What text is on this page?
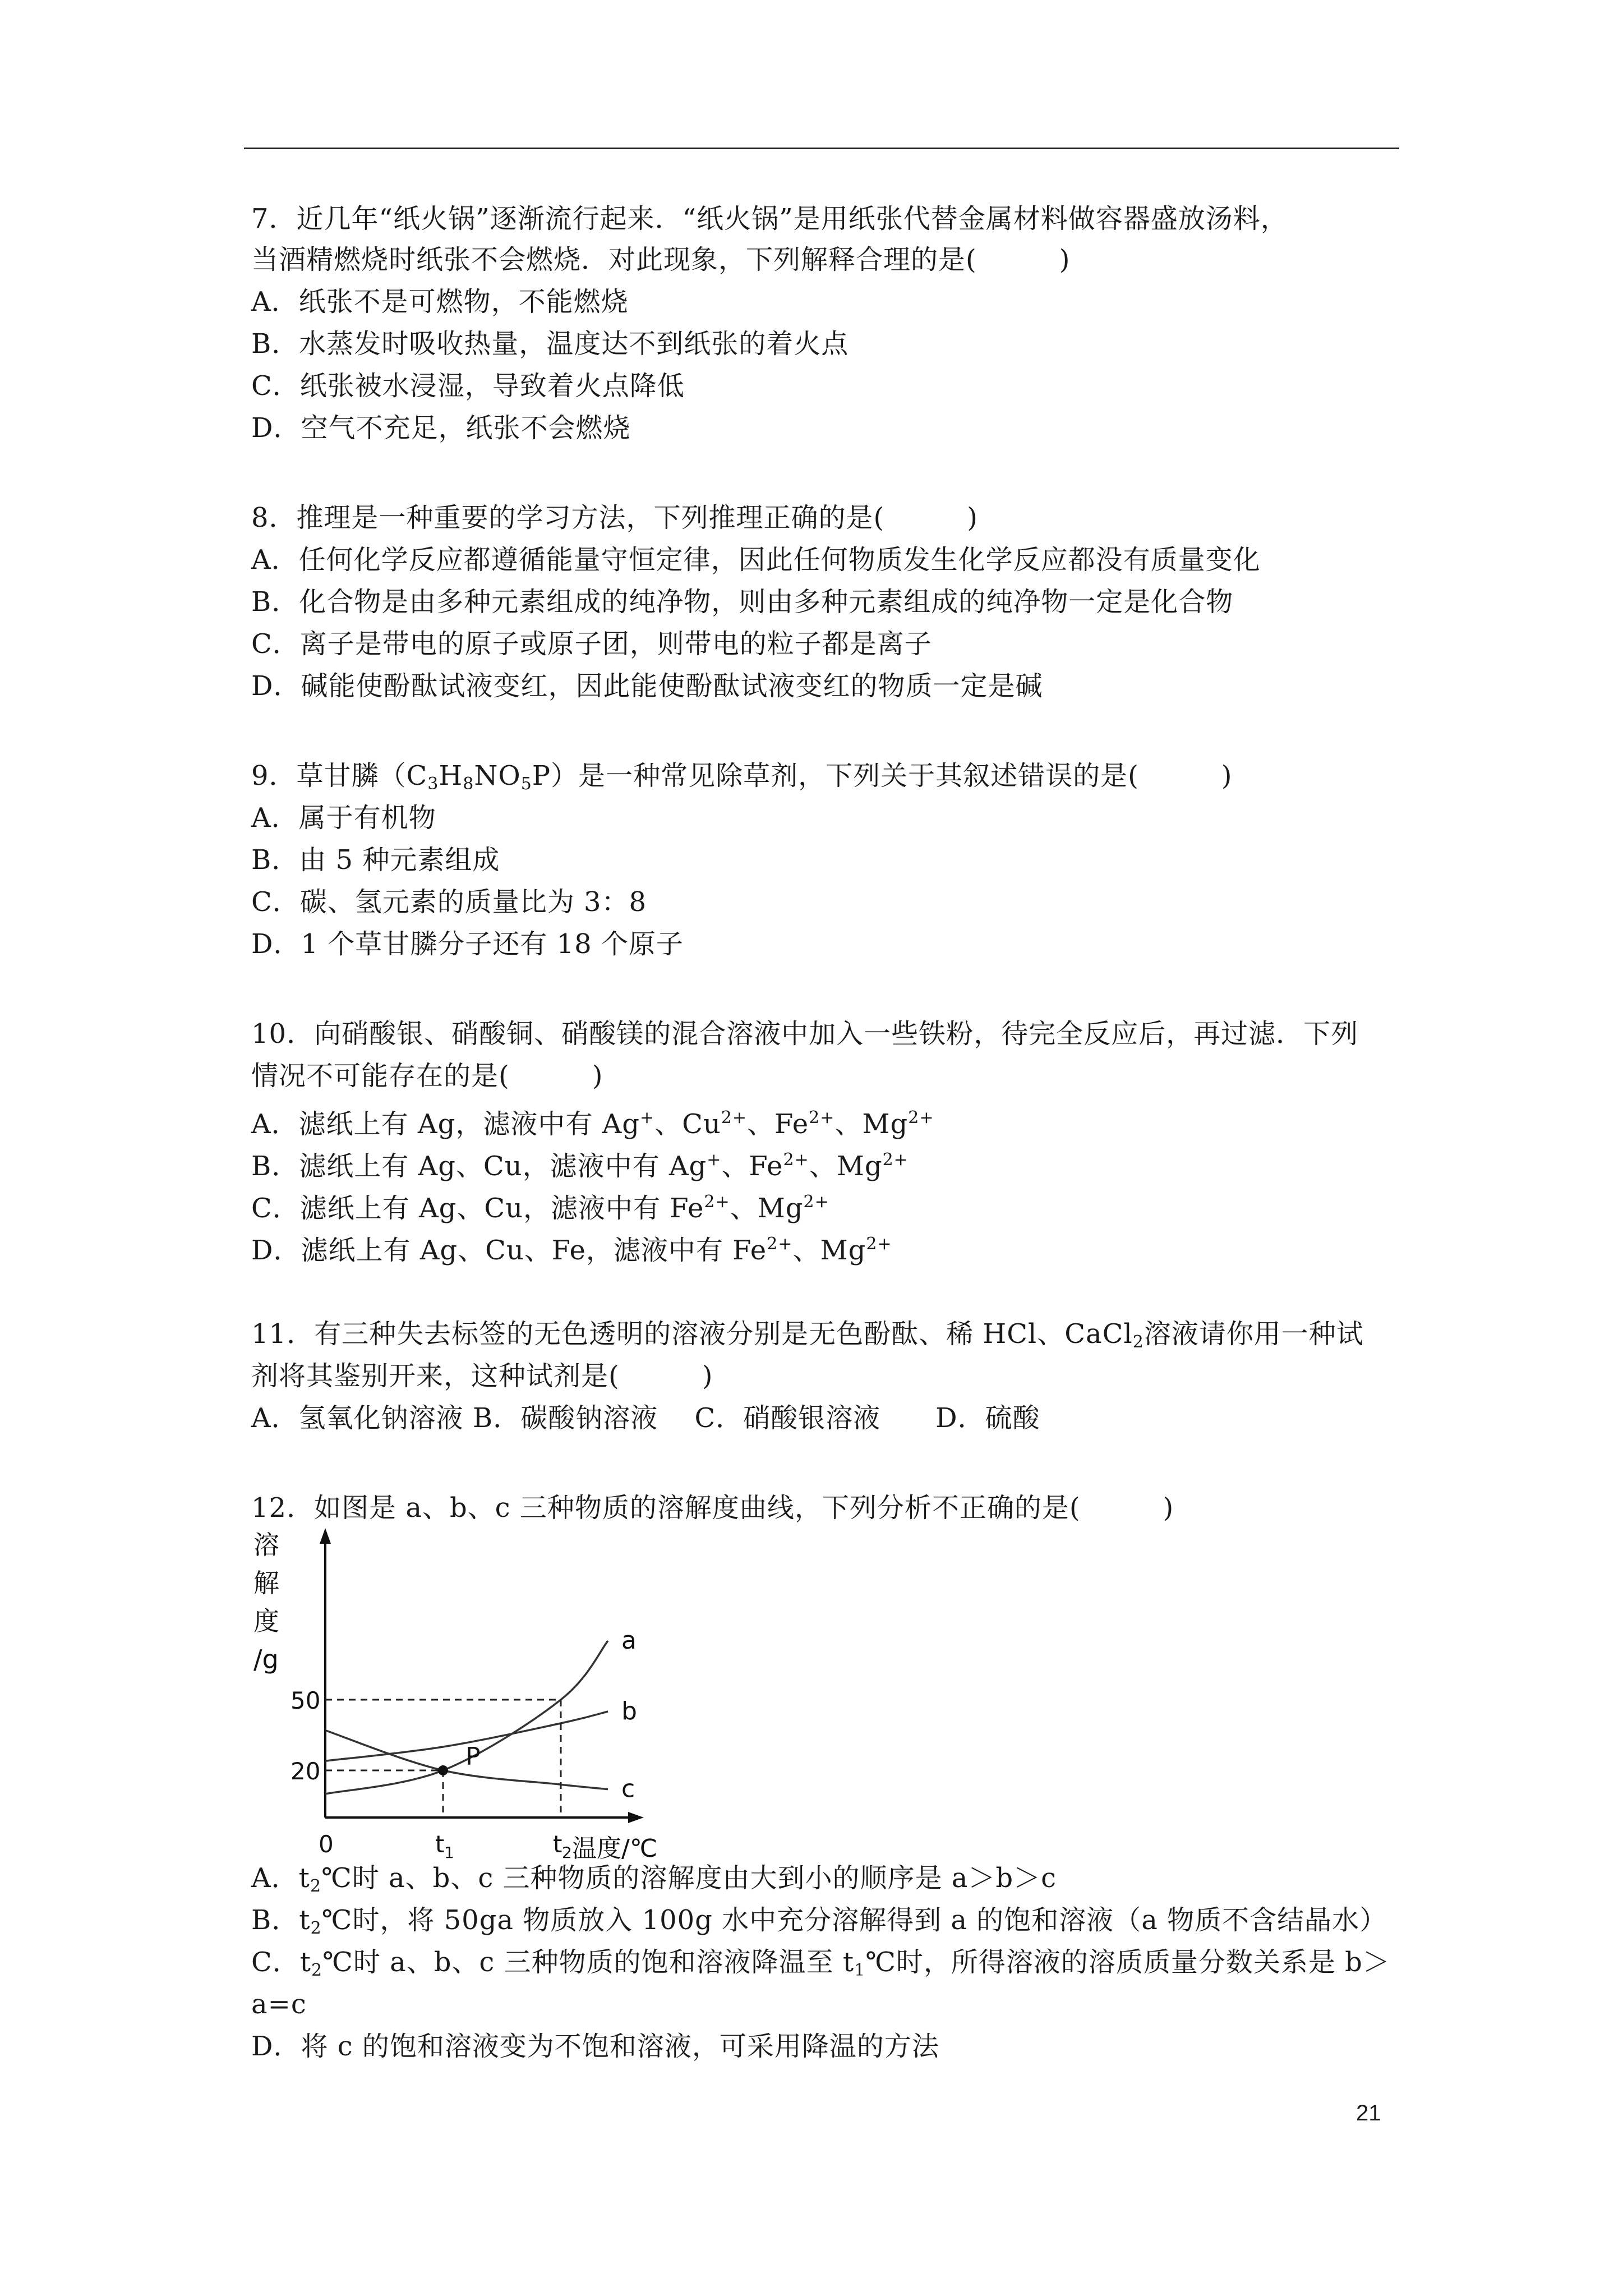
7．近几年“纸火锅”逐渐流行起来．“纸火锅”是用纸张代替金属材料做容器盛放汤料，
当酒精燃烧时纸张不会燃烧．对此现象，下列解释合理的是(　　　)
A．纸张不是可燃物，不能燃烧
B．水蒸发时吸收热量，温度达不到纸张的着火点
C．纸张被水浸湿，导致着火点降低
D．空气不充足，纸张不会燃烧
8．推理是一种重要的学习方法，下列推理正确的是(　　　)
A．任何化学反应都遵循能量守恒定律，因此任何物质发生化学反应都没有质量变化
B．化合物是由多种元素组成的纯净物，则由多种元素组成的纯净物一定是化合物
C．离子是带电的原子或原子团，则带电的粒子都是离子
D．碱能使酚酞试液变红，因此能使酚酞试液变红的物质一定是碱
9．草甘膦$(C_3H_8NO_5P)$是一种常见除草剂，下列关于其叙述错误的是(　　　)
A．属于有机物
B．由 5 种元素组成
C．碳、氢元素的质量比为 3：8
D．1 个草甘膦分子还有 18 个原子
10．向硝酸银、硝酸铜、硝酸镁的混合溶液中加入一些铁粉，待完全反应后，再过滤．下列
情况不可能存在的是(　　　)
A．滤纸上有 Ag，滤液中有 Ag+、$Cu^{2+}$、$Fe^{2+}$、$Mg^{2+}$
B．滤纸上有 Ag、Cu，滤液中有 Ag+、$Fe^{2+}$、$Mg^{2+}$
C．滤纸上有 Ag、Cu，滤液中有 $Fe^{2+}$、$Mg^{2+}$
D．滤纸上有 Ag、Cu、Fe，滤液中有 $Fe^{2+}$、$Mg^{2+}$
11．有三种失去标签的无色透明的溶液分别是无色酚酞、稀 HCl、CaCl$_2$溶液请你用一种试
剂将其鉴别开来，这种试剂是(　　　)
A．氢氧化钠溶液 B．碳酸钠溶液　 C．硝酸银溶液　　D．硫酸
12．如图是 a、b、c 三种物质的溶解度曲线，下列分析不正确的是(　　　)
溶
解
度
/g
20
50
0	t 1	t 2 温度/℃
a
b
c
P
A．$t_2℃$时 a、b、c 三种物质的溶解度由大到小的顺序是 a＞b＞c
B．$t_2℃$时，将 50ga 物质放入 100g 水中充分溶解得到 a 的饱和溶液（a 物质不含结晶水）
C．$t_2℃$时 a、b、c 三种物质的饱和溶液降温至 $t_1℃$时，所得溶液的溶质质量分数关系是 b＞
a=c
D．将 c 的饱和溶液变为不饱和溶液，可采用降温的方法
21
